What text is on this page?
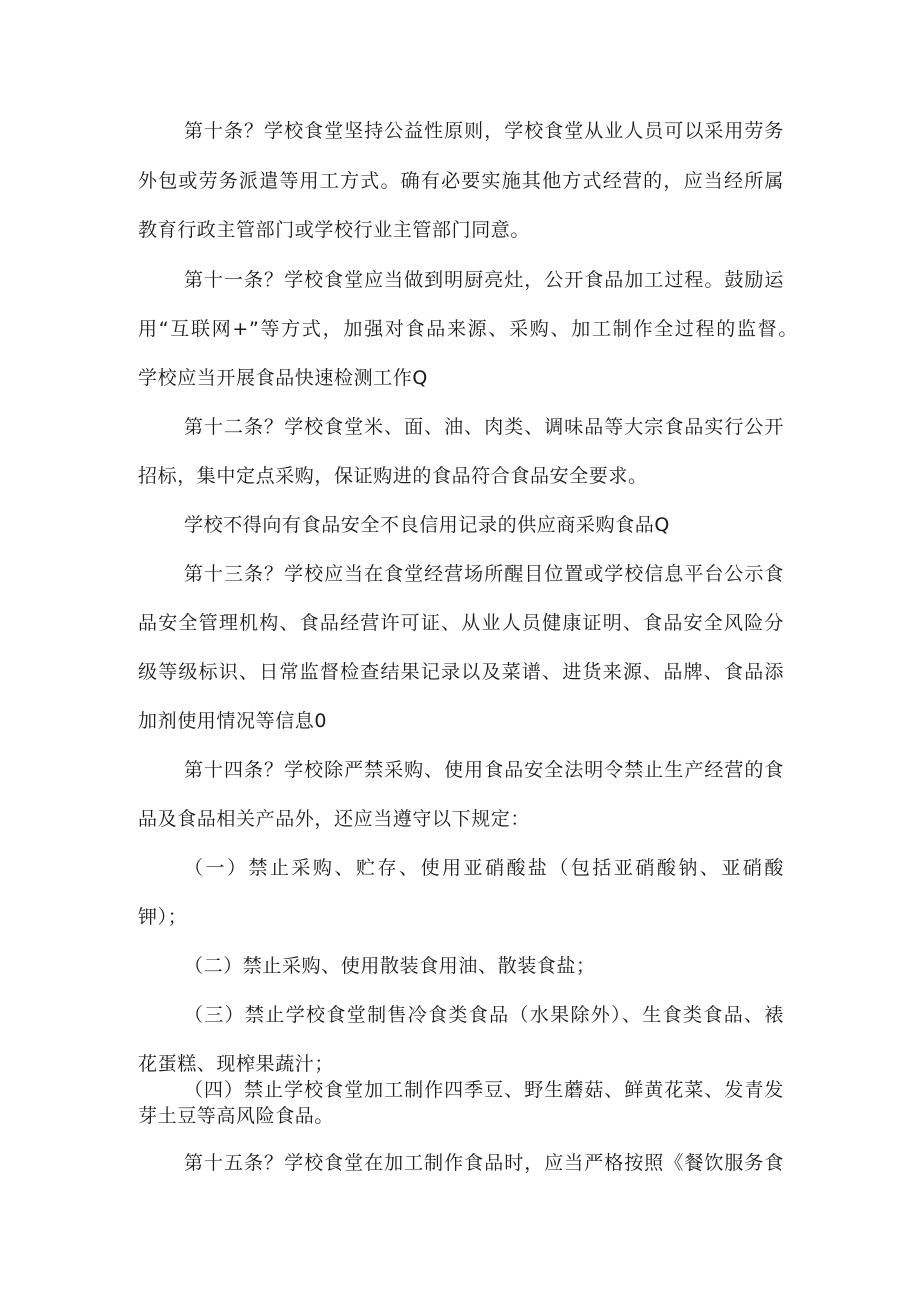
第十条？学校食堂坚持公益性原则，学校食堂从业人员可以采用劳务
外包或劳务派遣等用工方式。确有必要实施其他方式经营的，应当经所属
教育行政主管部门或学校行业主管部门同意。
第十一条？学校食堂应当做到明厨亮灶，公开食品加工过程。鼓励运
用“互联网+”等方式，加强对食品来源、采购、加工制作全过程的监督。
学校应当开展食品快速检测工作Q
第十二条？学校食堂米、面、油、肉类、调味品等大宗食品实行公开
招标，集中定点采购，保证购进的食品符合食品安全要求。
学校不得向有食品安全不良信用记录的供应商采购食品Q
第十三条？学校应当在食堂经营场所醒目位置或学校信息平台公示食
品安全管理机构、食品经营许可证、从业人员健康证明、食品安全风险分
级等级标识、日常监督检查结果记录以及菜谱、进货来源、品牌、食品添
加剂使用情况等信息0
第十四条？学校除严禁采购、使用食品安全法明令禁止生产经营的食
品及食品相关产品外，还应当遵守以下规定：
（一）禁止采购、贮存、使用亚硝酸盐（包括亚硝酸钠、亚硝酸
钾）；
（二）禁止采购、使用散装食用油、散装食盐；
（三）禁止学校食堂制售冷食类食品（水果除外）、生食类食品、裱
花蛋糕、现榨果蔬汁；
（四）禁止学校食堂加工制作四季豆、野生蘑菇、鲜黄花菜、发青发
芽土豆等高风险食品。
第十五条？学校食堂在加工制作食品时，应当严格按照《餐饮服务食
